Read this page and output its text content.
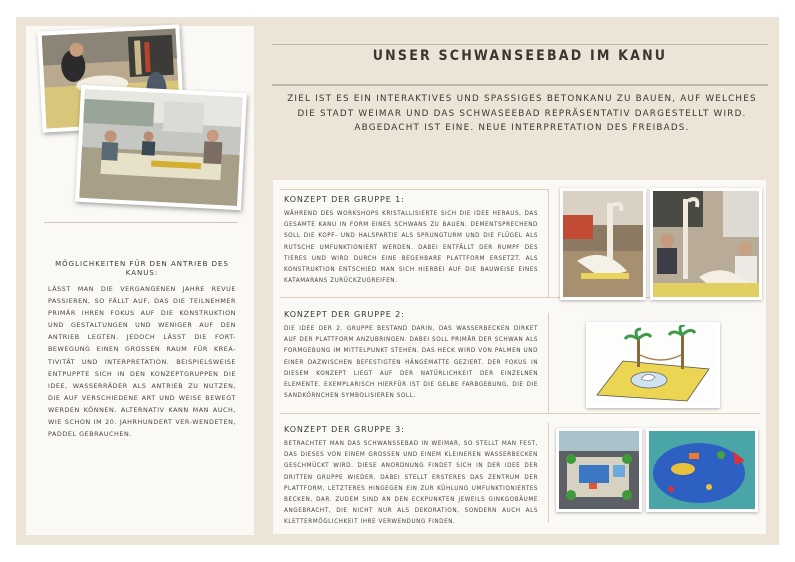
MÖGLICHKEITEN FÜR DEN ANTRIEB DES KANUS:
LÄSST MAN DIE VERGANGENEN JAHRE REVUE PASSIEREN, SO FÄLLT AUF, DAS DIE TEILNEHMER PRIMÄR IHREN FOKUS AUF DIE KONSTRUKTION UND GESTALTUNGEN UND WENIGER AUF DEN ANTRIEB LEGTEN. JEDOCH LÄSST DIE FORT-BEWEGUNG EINEN GROSSEN RAUM FÜR KREA-TIVITÄT UND INTERPRETATION. BEISPIELSWEISE ENTPUPPTE SICH IN DEN KONZEPTGRUPPEN DIE IDEE, WASSERRÄDER ALS ANTRIEB ZU NUTZEN, DIE AUF VERSCHIEDENE ART UND WEISE BEWEGT WERDEN KÖNNEN. ALTERNATIV KANN MAN AUCH, WIE SCHON IM 20. JAHRHUNDERT VER-WENDETEN, PADDEL GEBRAUCHEN.
UNSER SCHWANSEEBAD IM KANU
ZIEL IST ES EIN INTERAKTIVES UND SPASSIGES BETONKANU ZU BAUEN, AUF WELCHES DIE STADT WEIMAR UND DAS SCHWASEEBAD REPRÄSENTATIV DARGESTELLT WIRD. ABGEDACHT IST EINE. NEUE INTERPRETATION DES FREIBADS.
KONZEPT DER GRUPPE 1:
WÄHREND DES WORKSHOPS KRISTALLISIERTE SICH DIE IDEE HERAUS, DAS GESAMTE KANU IN FORM EINES SCHWANS ZU BAUEN. DEMENTSPRECHEND SOLL DIE KOPF- UND HALSPARTIE ALS SPRUNGTURM UND DIE FLÜGEL ALS RUTSCHE UMFUNKTIONIERT WERDEN. DABEI ENTFÄLLT DER RUMPF DES TIERES UND WIRD DURCH EINE BEGEHBARE PLATTFORM ERSETZT. ALS KONSTRUKTION ENTSCHIED MAN SICH HIERBEI AUF DIE BAUWEISE EINES KATAMARANS ZURÜCKZUGREIFEN.
KONZEPT DER GRUPPE 2:
DIE IDEE DER 2. GRUPPE BESTAND DARIN, DAS WASSERBECKEN DIRKET AUF DER PLATTFORM ANZUBRINGEN. DABEI SOLL PRIMÄR DER SCHWAN ALS FORMGEBUNG IM MITTELPUNKT STEHEN. DAS HECK WIRD VON PALMEN UND EINER DAZWISCHEN BEFESTIGTEN HÄNGEMATTE GEZIERT. DER FOKUS IN DIESEM KONZEPT LIEGT AUF DER NATÜRLICHKEIT DER EINZELNEN ELEMENTE. EXEMPLARISCH HIERFÜR IST DIE GELBE FARBGEBUNG, DIE DIE SANDKÖRNCHEN SYMBOLISIEREN SOLL.
KONZEPT DER GRUPPE 3:
BETRACHTET MAN DAS SCHWANSSEBAD IN WEIMAR, SO STELLT MAN FEST, DAS DIESES VON EINEM GROSSEN UND EINEM KLEINEREN WASSERBECKEN GESCHMÜCKT WIRD. DIESE ANORDNUNG FINDET SICH IN DER IDEE DER DRITTEN GRUPPE WIEDER. DABEI STELLT ERSTERES DAS ZENTRUM DER PLATTFORM, LETZTERES HINGEGEN EIN ZUR KÜHLUNG UMFUNKTIONIERTES BECKEN, DAR. ZUDEM SIND AN DEN ECKPUNKTEN JEWEILS GINKGOBÄUME ANGEBRACHT, DIE NICHT NUR ALS DEKORATION, SONDERN AUCH ALS KLETTERMÖGLICHKEIT IHRE VERWENDUNG FINDEN.
